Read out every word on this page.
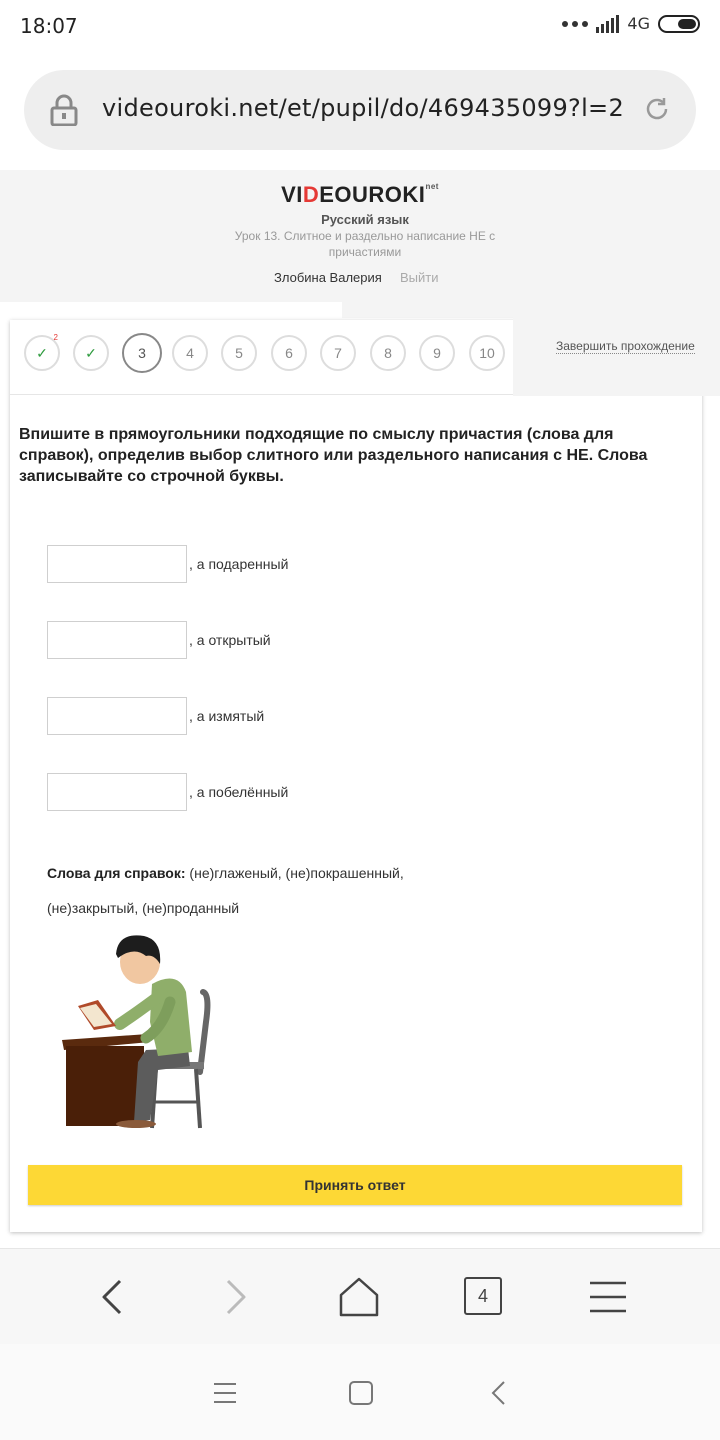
18:07	4G
videouroki.net/et/pupil/do/469435099?l=2
$VIDEOUROKI^{net}$
Русский язык
Урок 13. Слитное и раздельно написание НЕ с причастиями
Злобина Валерия Выйти
✓
2
✓	3	4	5	6	7	8	9	10	Завершить прохождение
Впишите в прямоугольники подходящие по смыслу причастия (слова для справок), определив выбор слитного или раздельного написания с НЕ. Слова записывайте со строчной буквы.
, а подаренный
, а открытый
, а измятый
, а побелённый
Слова для справок: (не)глаженый, (не)покрашенный,
(не)закрытый, (не)проданный
Принять ответ
4
